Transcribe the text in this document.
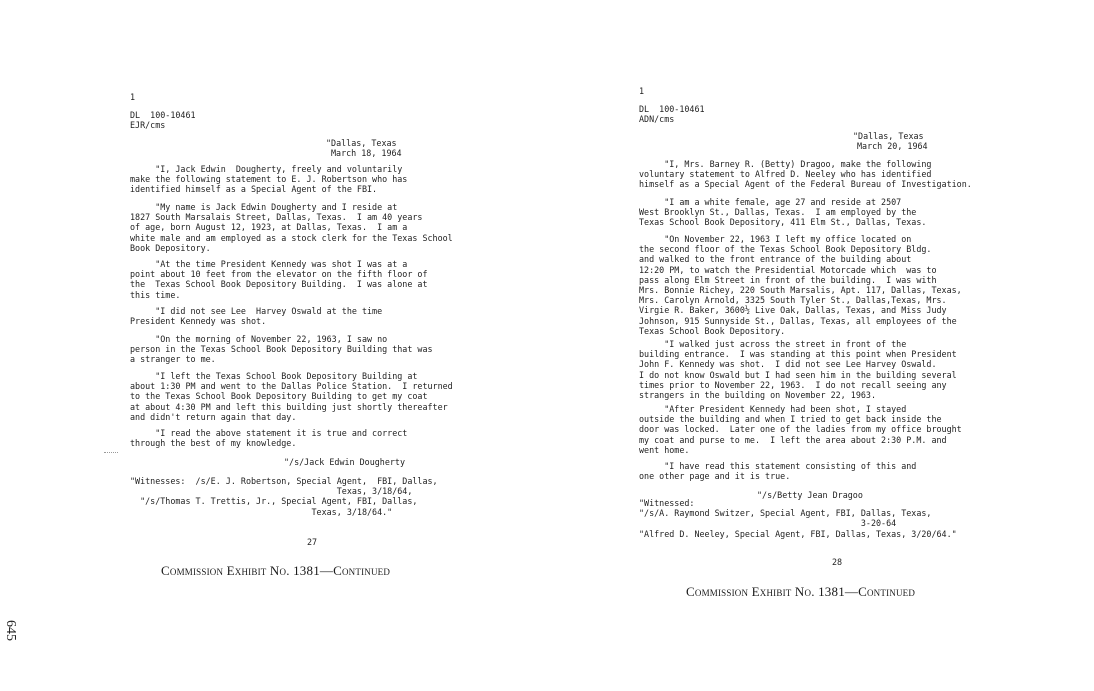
1
DL  100-10461
EJR/cms
"Dallas, Texas
March 18, 1964
"I, Jack Edwin  Dougherty, freely and voluntarily
make the following statement to E. J. Robertson who has
identified himself as a Special Agent of the FBI.
"My name is Jack Edwin Dougherty and I reside at
1827 South Marsalais Street, Dallas, Texas.  I am 40 years
of age, born August 12, 1923, at Dallas, Texas.  I am a
white male and am employed as a stock clerk for the Texas School
Book Depository.
"At the time President Kennedy was shot I was at a
point about 10 feet from the elevator on the fifth floor of
the  Texas School Book Depository Building.  I was alone at
this time.
"I did not see Lee  Harvey Oswald at the time
President Kennedy was shot.
"On the morning of November 22, 1963, I saw no
person in the Texas School Book Depository Building that was
a stranger to me.
"I left the Texas School Book Depository Building at
about 1:30 PM and went to the Dallas Police Station.  I returned
to the Texas School Book Depository Building to get my coat
at about 4:30 PM and left this building just shortly thereafter
and didn't return again that day.
"I read the above statement it is true and correct
through the best of my knowledge.
"/s/Jack Edwin Dougherty
"Witnesses:  /s/E. J. Robertson, Special Agent,  FBI, Dallas,
Texas, 3/18/64,
"/s/Thomas T. Trettis, Jr., Special Agent, FBI, Dallas,
Texas, 3/18/64."
27
Commission Exhibit No. 1381—Continued
1
DL  100-10461
ADN/cms
"Dallas, Texas
March 20, 1964
"I, Mrs. Barney R. (Betty) Dragoo, make the following
voluntary statement to Alfred D. Neeley who has identified
himself as a Special Agent of the Federal Bureau of Investigation.
"I am a white female, age 27 and reside at 2507
West Brooklyn St., Dallas, Texas.  I am employed by the
Texas School Book Depository, 411 Elm St., Dallas, Texas.
"On November 22, 1963 I left my office located on
the second floor of the Texas School Book Depository Bldg.
and walked to the front entrance of the building about
12:20 PM, to watch the Presidential Motorcade which  was to
pass along Elm Street in front of the building.  I was with
Mrs. Bonnie Richey, 220 South Marsalis, Apt. 117, Dallas, Texas,
Mrs. Carolyn Arnold, 3325 South Tyler St., Dallas,Texas, Mrs.
Virgie R. Baker, 3600½ Live Oak, Dallas, Texas, and Miss Judy
Johnson, 915 Sunnyside St., Dallas, Texas, all employees of the
Texas School Book Depository.
"I walked just across the street in front of the
building entrance.  I was standing at this point when President
John F. Kennedy was shot.  I did not see Lee Harvey Oswald.
I do not know Oswald but I had seen him in the building several
times prior to November 22, 1963.  I do not recall seeing any
strangers in the building on November 22, 1963.
"After President Kennedy had been shot, I stayed
outside the building and when I tried to get back inside the
door was locked.  Later one of the ladies from my office brought
my coat and purse to me.  I left the area about 2:30 P.M. and
went home.
"I have read this statement consisting of this and
one other page and it is true.
"/s/Betty Jean Dragoo
"Witnessed:
"/s/A. Raymond Switzer, Special Agent, FBI, Dallas, Texas,
3-20-64
"Alfred D. Neeley, Special Agent, FBI, Dallas, Texas, 3/20/64."
28
Commission Exhibit No. 1381—Continued
645
